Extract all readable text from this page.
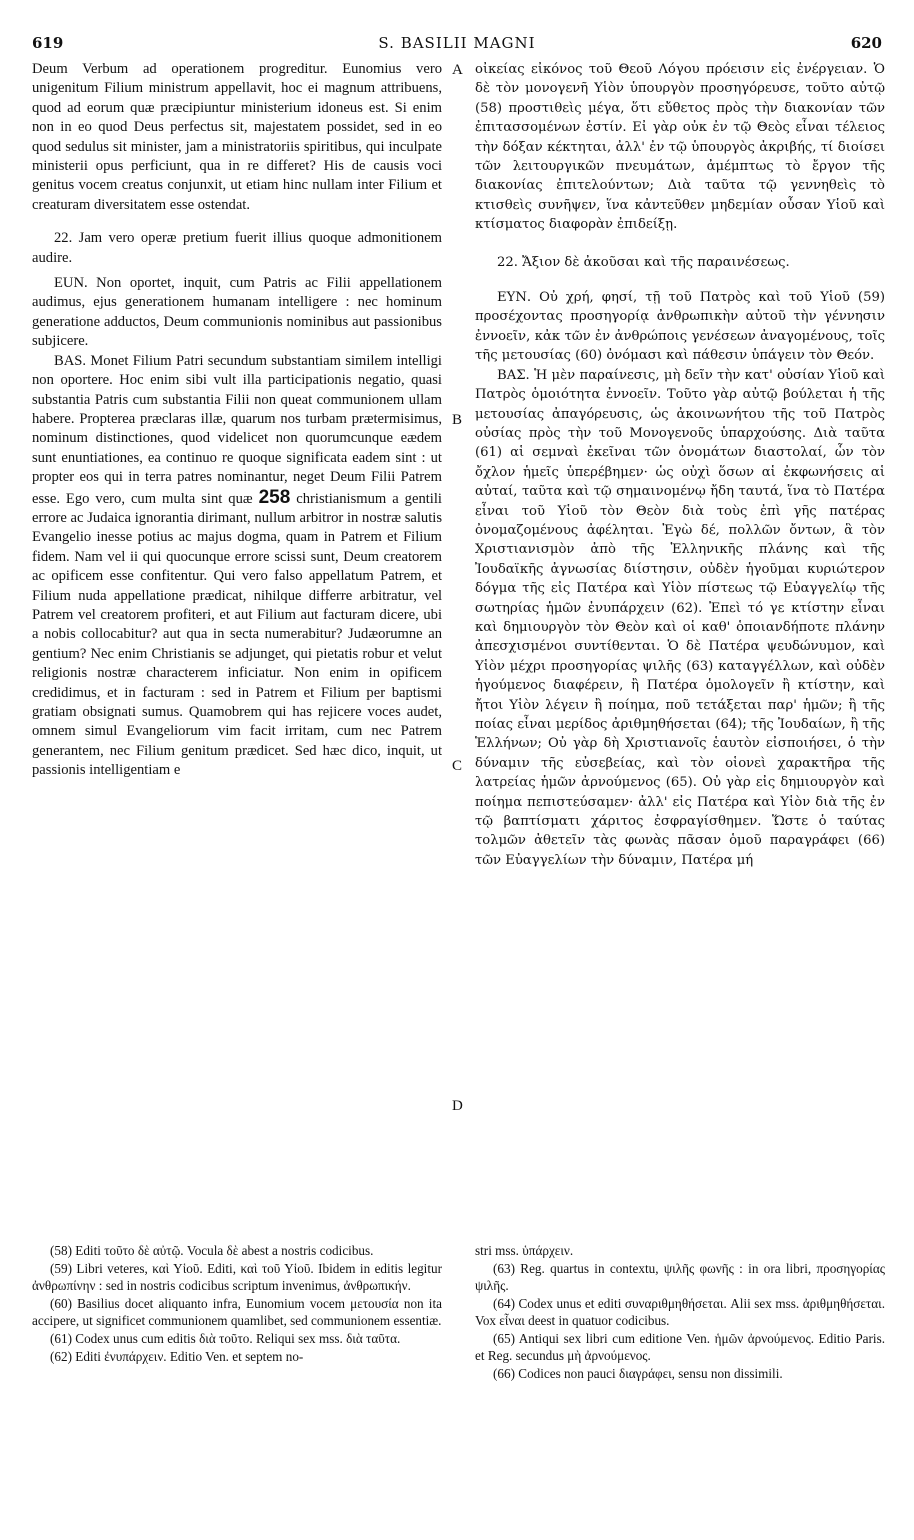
619	S. BASILII MAGNI	620

Deum Verbum ad operationem progreditur. Eunomius vero unigenitum Filium ministrum appellavit, hoc ei magnum attribuens, quod ad eorum quæ præcipiuntur ministerium idoneus est. Si enim non in eo quod Deus perfectus sit, majestatem possidet, sed in eo quod sedulus sit minister, jam a ministratoriis spiritibus, qui inculpate ministerii opus perficiunt, qua in re differet? His de causis voci genitus vocem creatus conjunxit, ut etiam hinc nullam inter Filium et creaturam diversitatem esse ostendat.

22. Jam vero operæ pretium fuerit illius quoque admonitionem audire.

EUN. Non oportet, inquit, cum Patris ac Filii appellationem audimus, ejus generationem humanam intelligere : nec hominum generatione adductos, Deum communionis nominibus aut passionibus subjicere.

BAS. Monet Filium Patri secundum substantiam similem intelligi non oportere. Hoc enim sibi vult illa participationis negatio, quasi substantia Patris cum substantia Filii non queat communionem ullam habere. Propterea præclaras illæ, quarum nos turbam prætermisimus, nominum distinctiones, quod videlicet non quorumcunque eædem sunt enuntiationes, ea continuo re quoque significata eadem sint : ut propter eos qui in terra patres nominantur, neget Deum Filii Patrem esse. Ego vero, cum multa sint quæ 258 christianismum a gentili errore ac Judaica ignorantia dirimant, nullum arbitror in nostræ salutis Evangelio inesse potius ac majus dogma, quam in Patrem et Filium fidem. Nam vel ii qui quocunque errore scissi sunt, Deum creatorem ac opificem esse confitentur. Qui vero falso appellatum Patrem, et Filium nuda appellatione prædicat, nihilque differre arbitratur, vel Patrem vel creatorem profiteri, et aut Filium aut facturam dicere, ubi a nobis collocabitur? aut qua in secta numerabitur? Judæorumne an gentium? Nec enim Christianis se adjunget, qui pietatis robur et velut religionis nostræ characterem inficiatur. Non enim in opificem credidimus, et in facturam : sed in Patrem et Filium per baptismi gratiam obsignati sumus. Quamobrem qui has rejicere voces audet, omnem simul Evangeliorum vim facit irritam, cum nec Patrem generantem, nec Filium genitum prædicet. Sed hæc dico, inquit, ut passionis intelligentiam e

A
B
C
D

οἰκείας εἰκόνος τοῦ Θεοῦ Λόγου πρόεισιν εἰς ἐνέργειαν. Ὁ δὲ τὸν μονογενῆ Υἱὸν ὑπουργὸν προσηγόρευσε, τοῦτο αὐτῷ (58) προστιθεὶς μέγα, ὅτι εὔθετος πρὸς τὴν διακονίαν τῶν ἐπιτασσομένων ἐστίν. Εἰ γὰρ οὐκ ἐν τῷ Θεὸς εἶναι τέλειος τὴν δόξαν κέκτηται, ἀλλ' ἐν τῷ ὑπουργὸς ἀκριβής, τί διοίσει τῶν λειτουργικῶν πνευμάτων, ἀμέμπτως τὸ ἔργον τῆς διακονίας ἐπιτελούντων; Διὰ ταῦτα τῷ γεννηθεὶς τὸ κτισθεὶς συνῆψεν, ἵνα κἀντεῦθεν μηδεμίαν οὖσαν Υἱοῦ καὶ κτίσματος διαφορὰν ἐπιδείξῃ.

22. Ἄξιον δὲ ἀκοῦσαι καὶ τῆς παραινέσεως.

ΕΥΝ. Οὐ χρή, φησί, τῇ τοῦ Πατρὸς καὶ τοῦ Υἱοῦ (59) προσέχοντας προσηγορίᾳ ἀνθρωπικὴν αὐτοῦ τὴν γέννησιν ἐννοεῖν, κἀκ τῶν ἐν ἀνθρώποις γενέσεων ἀναγομένους, τοῖς τῆς μετουσίας (60) ὀνόμασι καὶ πάθεσιν ὑπάγειν τὸν Θεόν.

ΒΑΣ. Ἡ μὲν παραίνεσις, μὴ δεῖν τὴν κατ' οὐσίαν Υἱοῦ καὶ Πατρὸς ὁμοιότητα ἐννοεῖν. Τοῦτο γὰρ αὐτῷ βούλεται ἡ τῆς μετουσίας ἀπαγόρευσις, ὡς ἀκοινωνήτου τῆς τοῦ Πατρὸς οὐσίας πρὸς τὴν τοῦ Μονογενοῦς ὑπαρχούσης. Διὰ ταῦτα (61) αἱ σεμναὶ ἐκεῖναι τῶν ὀνομάτων διαστολαί, ὧν τὸν ὄχλον ἡμεῖς ὑπερέβημεν· ὡς οὐχὶ ὅσων αἱ ἐκφωνήσεις αἱ αὐταί, ταῦτα καὶ τῷ σημαινομένῳ ἤδη ταυτά, ἵνα τὸ Πατέρα εἶναι τοῦ Υἱοῦ τὸν Θεὸν διὰ τοὺς ἐπὶ γῆς πατέρας ὀνομαζομένους ἀφέληται. Ἐγὼ δέ, πολλῶν ὄντων, ἃ τὸν Χριστιανισμὸν ἀπὸ τῆς Ἑλληνικῆς πλάνης καὶ τῆς Ἰουδαϊκῆς ἀγνωσίας διίστησιν, οὐδὲν ἡγοῦμαι κυριώτερον δόγμα τῆς εἰς Πατέρα καὶ Υἱὸν πίστεως τῷ Εὐαγγελίῳ τῆς σωτηρίας ἡμῶν ἐνυπάρχειν (62). Ἐπεὶ τό γε κτίστην εἶναι καὶ δημιουργὸν τὸν Θεὸν καὶ οἱ καθ' ὁποιανδήποτε πλάνην ἀπεσχισμένοι συντίθενται. Ὁ δὲ Πατέρα ψευδώνυμον, καὶ Υἱὸν μέχρι προσηγορίας ψιλῆς (63) καταγγέλλων, καὶ οὐδὲν ἡγούμενος διαφέρειν, ἢ Πατέρα ὁμολογεῖν ἢ κτίστην, καὶ ἤτοι Υἱὸν λέγειν ἢ ποίημα, ποῦ τετάξεται παρ' ἡμῶν; ἢ τῆς ποίας εἶναι μερίδος ἀριθμηθήσεται (64); τῆς Ἰουδαίων, ἢ τῆς Ἑλλήνων; Οὐ γὰρ δὴ Χριστιανοῖς ἑαυτὸν εἰσποιήσει, ὁ τὴν δύναμιν τῆς εὐσεβείας, καὶ τὸν οἱονεὶ χαρακτῆρα τῆς λατρείας ἡμῶν ἀρνούμενος (65). Οὐ γὰρ εἰς δημιουργὸν καὶ ποίημα πεπιστεύσαμεν· ἀλλ' εἰς Πατέρα καὶ Υἱὸν διὰ τῆς ἐν τῷ βαπτίσματι χάριτος ἐσφραγίσθημεν. Ὥστε ὁ ταύτας τολμῶν ἀθετεῖν τὰς φωνὰς πᾶσαν ὁμοῦ παραγράφει (66) τῶν Εὐαγγελίων τὴν δύναμιν, Πατέρα μή

(58) Editi τοῦτο δὲ αὐτῷ. Vocula δὲ abest a nostris codicibus.

(59) Libri veteres, καὶ Υἱοῦ. Editi, καὶ τοῦ Υἱοῦ. Ibidem in editis legitur ἀνθρωπίνην : sed in nostris codicibus scriptum invenimus, ἀνθρωπικήν.

(60) Basilius docet aliquanto infra, Eunomium vocem μετουσία non ita accipere, ut significet communionem quamlibet, sed communionem essentiæ.

(61) Codex unus cum editis διὰ τοῦτο. Reliqui sex mss. διὰ ταῦτα.

(62) Editi ἐνυπάρχειν. Editio Ven. et septem no-

stri mss. ὑπάρχειν.

(63) Reg. quartus in contextu, ψιλῆς φωνῆς : in ora libri, προσηγορίας ψιλῆς.

(64) Codex unus et editi συναριθμηθήσεται. Alii sex mss. ἀριθμηθήσεται. Vox εἶναι deest in quatuor codicibus.

(65) Antiqui sex libri cum editione Ven. ἡμῶν ἀρνούμενος. Editio Paris. et Reg. secundus μὴ ἀρνούμενος.

(66) Codices non pauci διαγράφει, sensu non dissimili.
